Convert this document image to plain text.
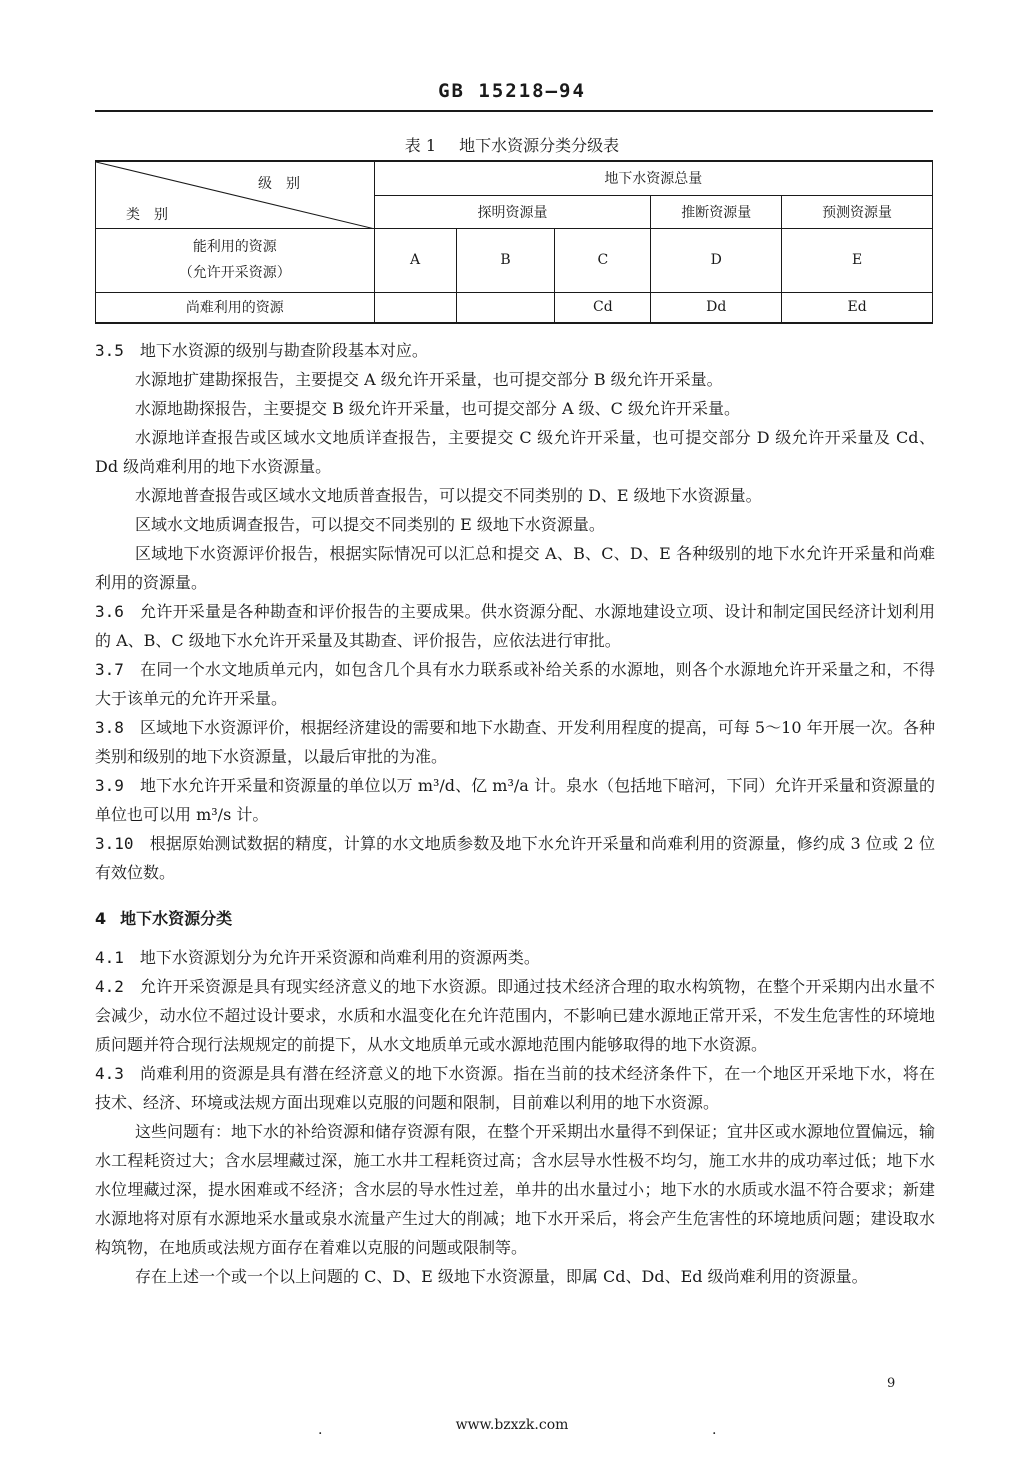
GB 15218—94
表 1 地下水资源分类分级表
级　别
类　别	地下水资源总量				
	探明资源量			推断资源量	预测资源量

能利用的资源
（允许开采资源）	A	B	C	D	E
尚难利用的资源			Cd	Dd	Ed

3.5 地下水资源的级别与勘查阶段基本对应。

水源地扩建勘探报告，主要提交 A 级允许开采量，也可提交部分 B 级允许开采量。

水源地勘探报告，主要提交 B 级允许开采量，也可提交部分 A 级、C 级允许开采量。

水源地详查报告或区域水文地质详查报告，主要提交 C 级允许开采量，也可提交部分 D 级允许开采量及 Cd、Dd 级尚难利用的地下水资源量。

水源地普查报告或区域水文地质普查报告，可以提交不同类别的 D、E 级地下水资源量。

区域水文地质调查报告，可以提交不同类别的 E 级地下水资源量。

区域地下水资源评价报告，根据实际情况可以汇总和提交 A、B、C、D、E 各种级别的地下水允许开采量和尚难利用的资源量。

3.6 允许开采量是各种勘查和评价报告的主要成果。供水资源分配、水源地建设立项、设计和制定国民经济计划利用的 A、B、C 级地下水允许开采量及其勘查、评价报告，应依法进行审批。

3.7 在同一个水文地质单元内，如包含几个具有水力联系或补给关系的水源地，则各个水源地允许开采量之和，不得大于该单元的允许开采量。

3.8 区域地下水资源评价，根据经济建设的需要和地下水勘查、开发利用程度的提高，可每 5～10 年开展一次。各种类别和级别的地下水资源量，以最后审批的为准。

3.9 地下水允许开采量和资源量的单位以万 m³/d、亿 m³/a 计。泉水（包括地下暗河，下同）允许开采量和资源量的单位也可以用 m³/s 计。

3.10 根据原始测试数据的精度，计算的水文地质参数及地下水允许开采量和尚难利用的资源量，修约成 3 位或 2 位有效位数。

4 地下水资源分类

4.1 地下水资源划分为允许开采资源和尚难利用的资源两类。

4.2 允许开采资源是具有现实经济意义的地下水资源。即通过技术经济合理的取水构筑物，在整个开采期内出水量不会减少，动水位不超过设计要求，水质和水温变化在允许范围内，不影响已建水源地正常开采，不发生危害性的环境地质问题并符合现行法规规定的前提下，从水文地质单元或水源地范围内能够取得的地下水资源。

4.3 尚难利用的资源是具有潜在经济意义的地下水资源。指在当前的技术经济条件下，在一个地区开采地下水，将在技术、经济、环境或法规方面出现难以克服的问题和限制，目前难以利用的地下水资源。

这些问题有：地下水的补给资源和储存资源有限，在整个开采期出水量得不到保证；宜井区或水源地位置偏远，输水工程耗资过大；含水层埋藏过深，施工水井工程耗资过高；含水层导水性极不均匀，施工水井的成功率过低；地下水水位埋藏过深，提水困难或不经济；含水层的导水性过差，单井的出水量过小；地下水的水质或水温不符合要求；新建水源地将对原有水源地采水量或泉水流量产生过大的削减；地下水开采后，将会产生危害性的环境地质问题；建设取水构筑物，在地质或法规方面存在着难以克服的问题或限制等。

存在上述一个或一个以上问题的 C、D、E 级地下水资源量，即属 Cd、Dd、Ed 级尚难利用的资源量。

9
.	www.bzxzk.com	.
